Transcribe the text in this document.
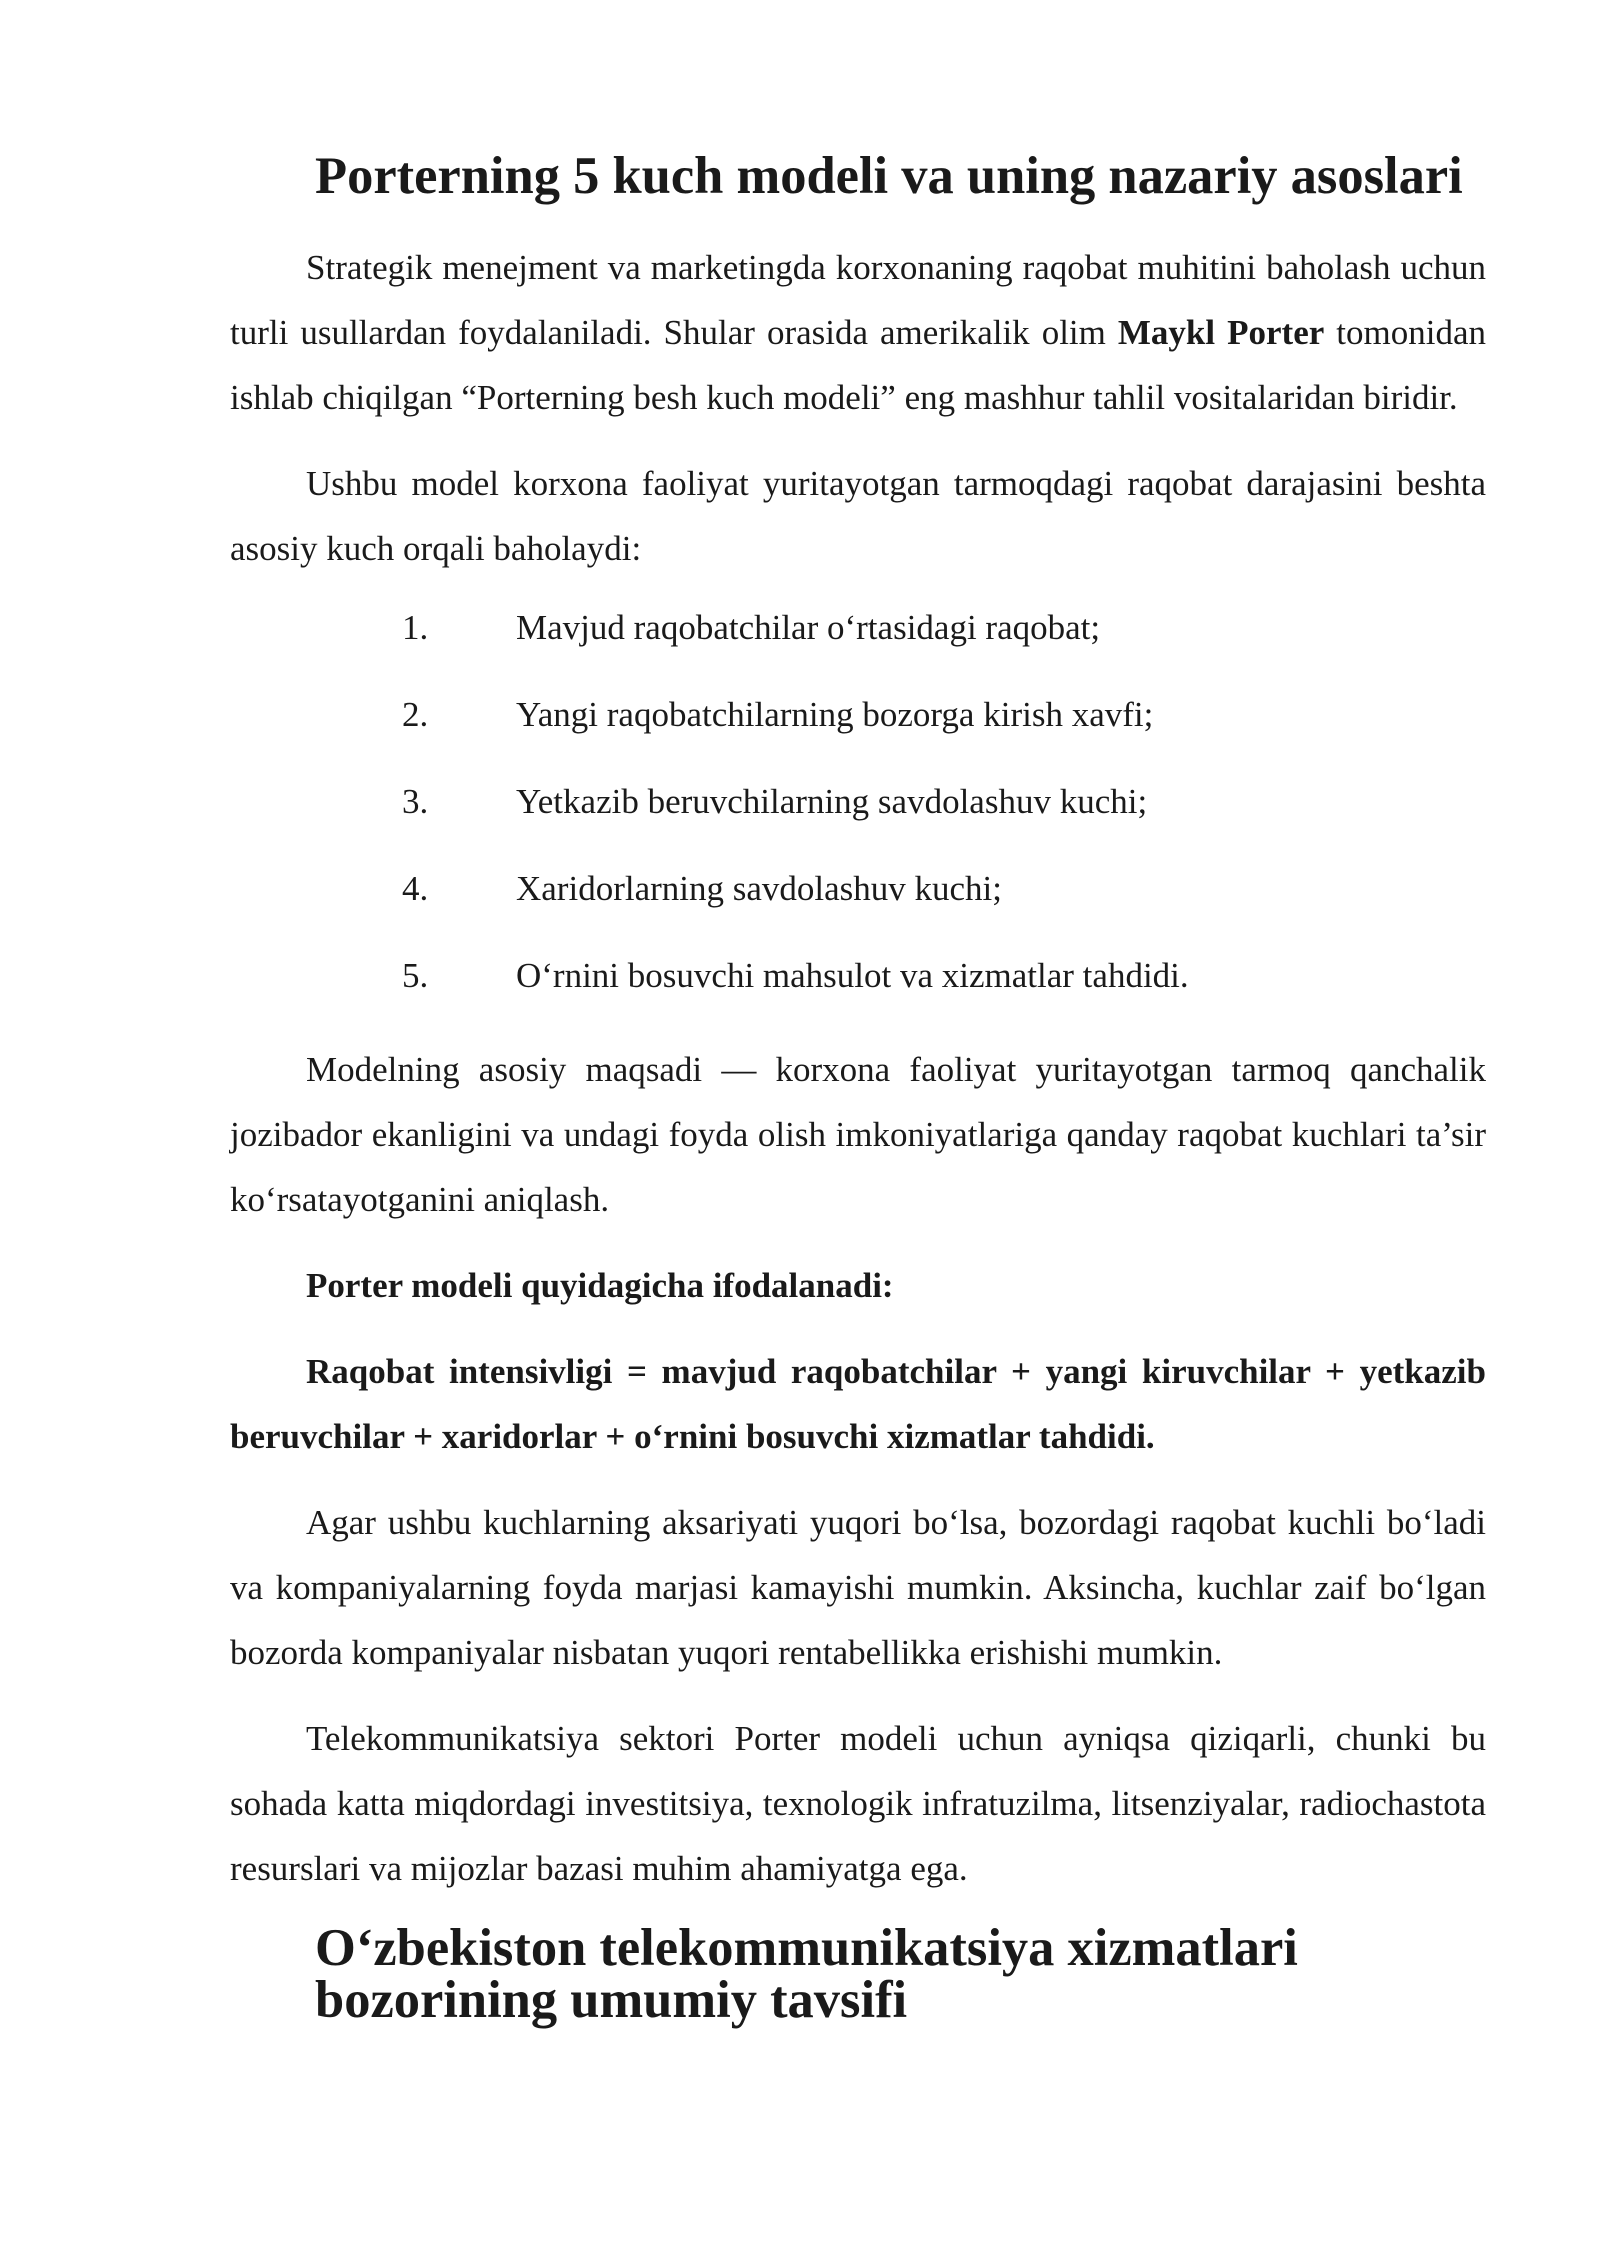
Porterning 5 kuch modeli va uning nazariy asoslari

Strategik menejment va marketingda korxonaning raqobat muhitini baholash uchun turli usullardan foydalaniladi. Shular orasida amerikalik olim Maykl Porter tomonidan ishlab chiqilgan “Porterning besh kuch modeli” eng mashhur tahlil vositalaridan biridir.

Ushbu model korxona faoliyat yuritayotgan tarmoqdagi raqobat darajasini beshta asosiy kuch orqali baholaydi:

1.	Mavjud raqobatchilar o‘rtasidagi raqobat;
2.	Yangi raqobatchilarning bozorga kirish xavfi;
3.	Yetkazib beruvchilarning savdolashuv kuchi;
4.	Xaridorlarning savdolashuv kuchi;
5.	O‘rnini bosuvchi mahsulot va xizmatlar tahdidi.

Modelning asosiy maqsadi — korxona faoliyat yuritayotgan tarmoq qanchalik jozibador ekanligini va undagi foyda olish imkoniyatlariga qanday raqobat kuchlari ta’sir ko‘rsatayotganini aniqlash.

Porter modeli quyidagicha ifodalanadi:

Raqobat intensivligi = mavjud raqobatchilar + yangi kiruvchilar + yetkazib beruvchilar + xaridorlar + o‘rnini bosuvchi xizmatlar tahdidi.

Agar ushbu kuchlarning aksariyati yuqori bo‘lsa, bozordagi raqobat kuchli bo‘ladi va kompaniyalarning foyda marjasi kamayishi mumkin. Aksincha, kuchlar zaif bo‘lgan bozorda kompaniyalar nisbatan yuqori rentabellikka erishishi mumkin.

Telekommunikatsiya sektori Porter modeli uchun ayniqsa qiziqarli, chunki bu sohada katta miqdordagi investitsiya, texnologik infratuzilma, litsenziyalar, radiochastota resurslari va mijozlar bazasi muhim ahamiyatga ega.

O‘zbekiston telekommunikatsiya xizmatlari bozorining umumiy tavsifi
